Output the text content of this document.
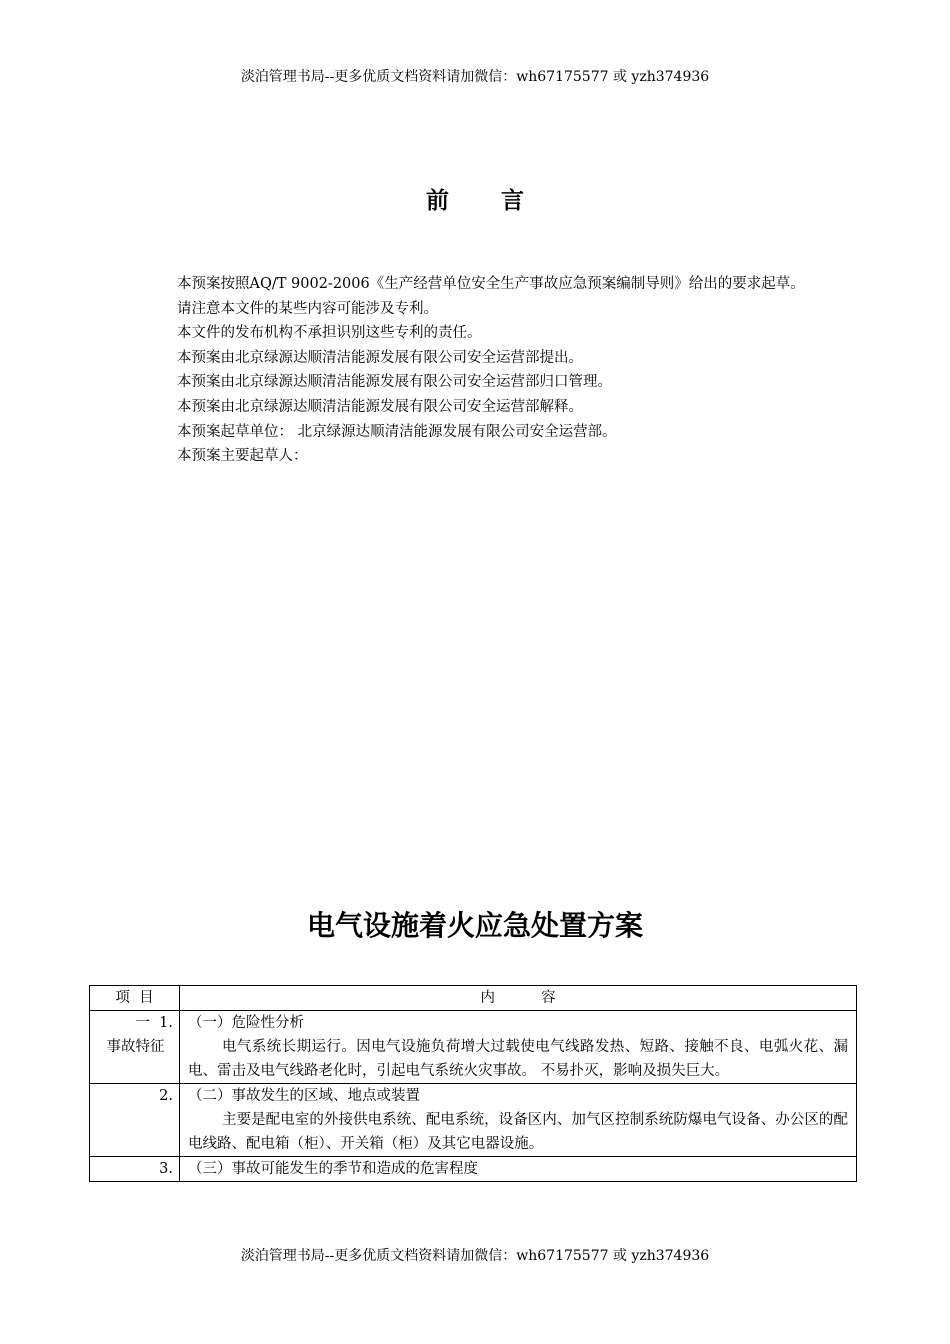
淡泊管理书局--更多优质文档资料请加微信：wh67175577 或 yzh374936
前 言

本预案按照AQ/T 9002-2006《生产经营单位安全生产事故应急预案编制导则》给出的要求起草。

请注意本文件的某些内容可能涉及专利。

本文件的发布机构不承担识别这些专利的责任。

本预案由北京绿源达顺清洁能源发展有限公司安全运营部提出。

本预案由北京绿源达顺清洁能源发展有限公司安全运营部归口管理。

本预案由北京绿源达顺清洁能源发展有限公司安全运营部解释。

本预案起草单位： 北京绿源达顺清洁能源发展有限公司安全运营部。

本预案主要起草人：

电气设施着火应急处置方案
项  目	内          容
一  1.
事故特征	（一）危险性分析
电气系统长期运行。因电气设施负荷增大过载使电气线路发热、短路、接触不良、电弧火花、漏电、雷击及电气线路老化时，引起电气系统火灾事故。 不易扑灭，影响及损失巨大。

2.	（二）事故发生的区域、地点或装置
主要是配电室的外接供电系统、配电系统，设备区内、加气区控制系统防爆电气设备、办公区的配电线路、配电箱（柜）、开关箱（柜）及其它电器设施。

3.	（三）事故可能发生的季节和造成的危害程度
淡泊管理书局--更多优质文档资料请加微信：wh67175577 或 yzh374936
